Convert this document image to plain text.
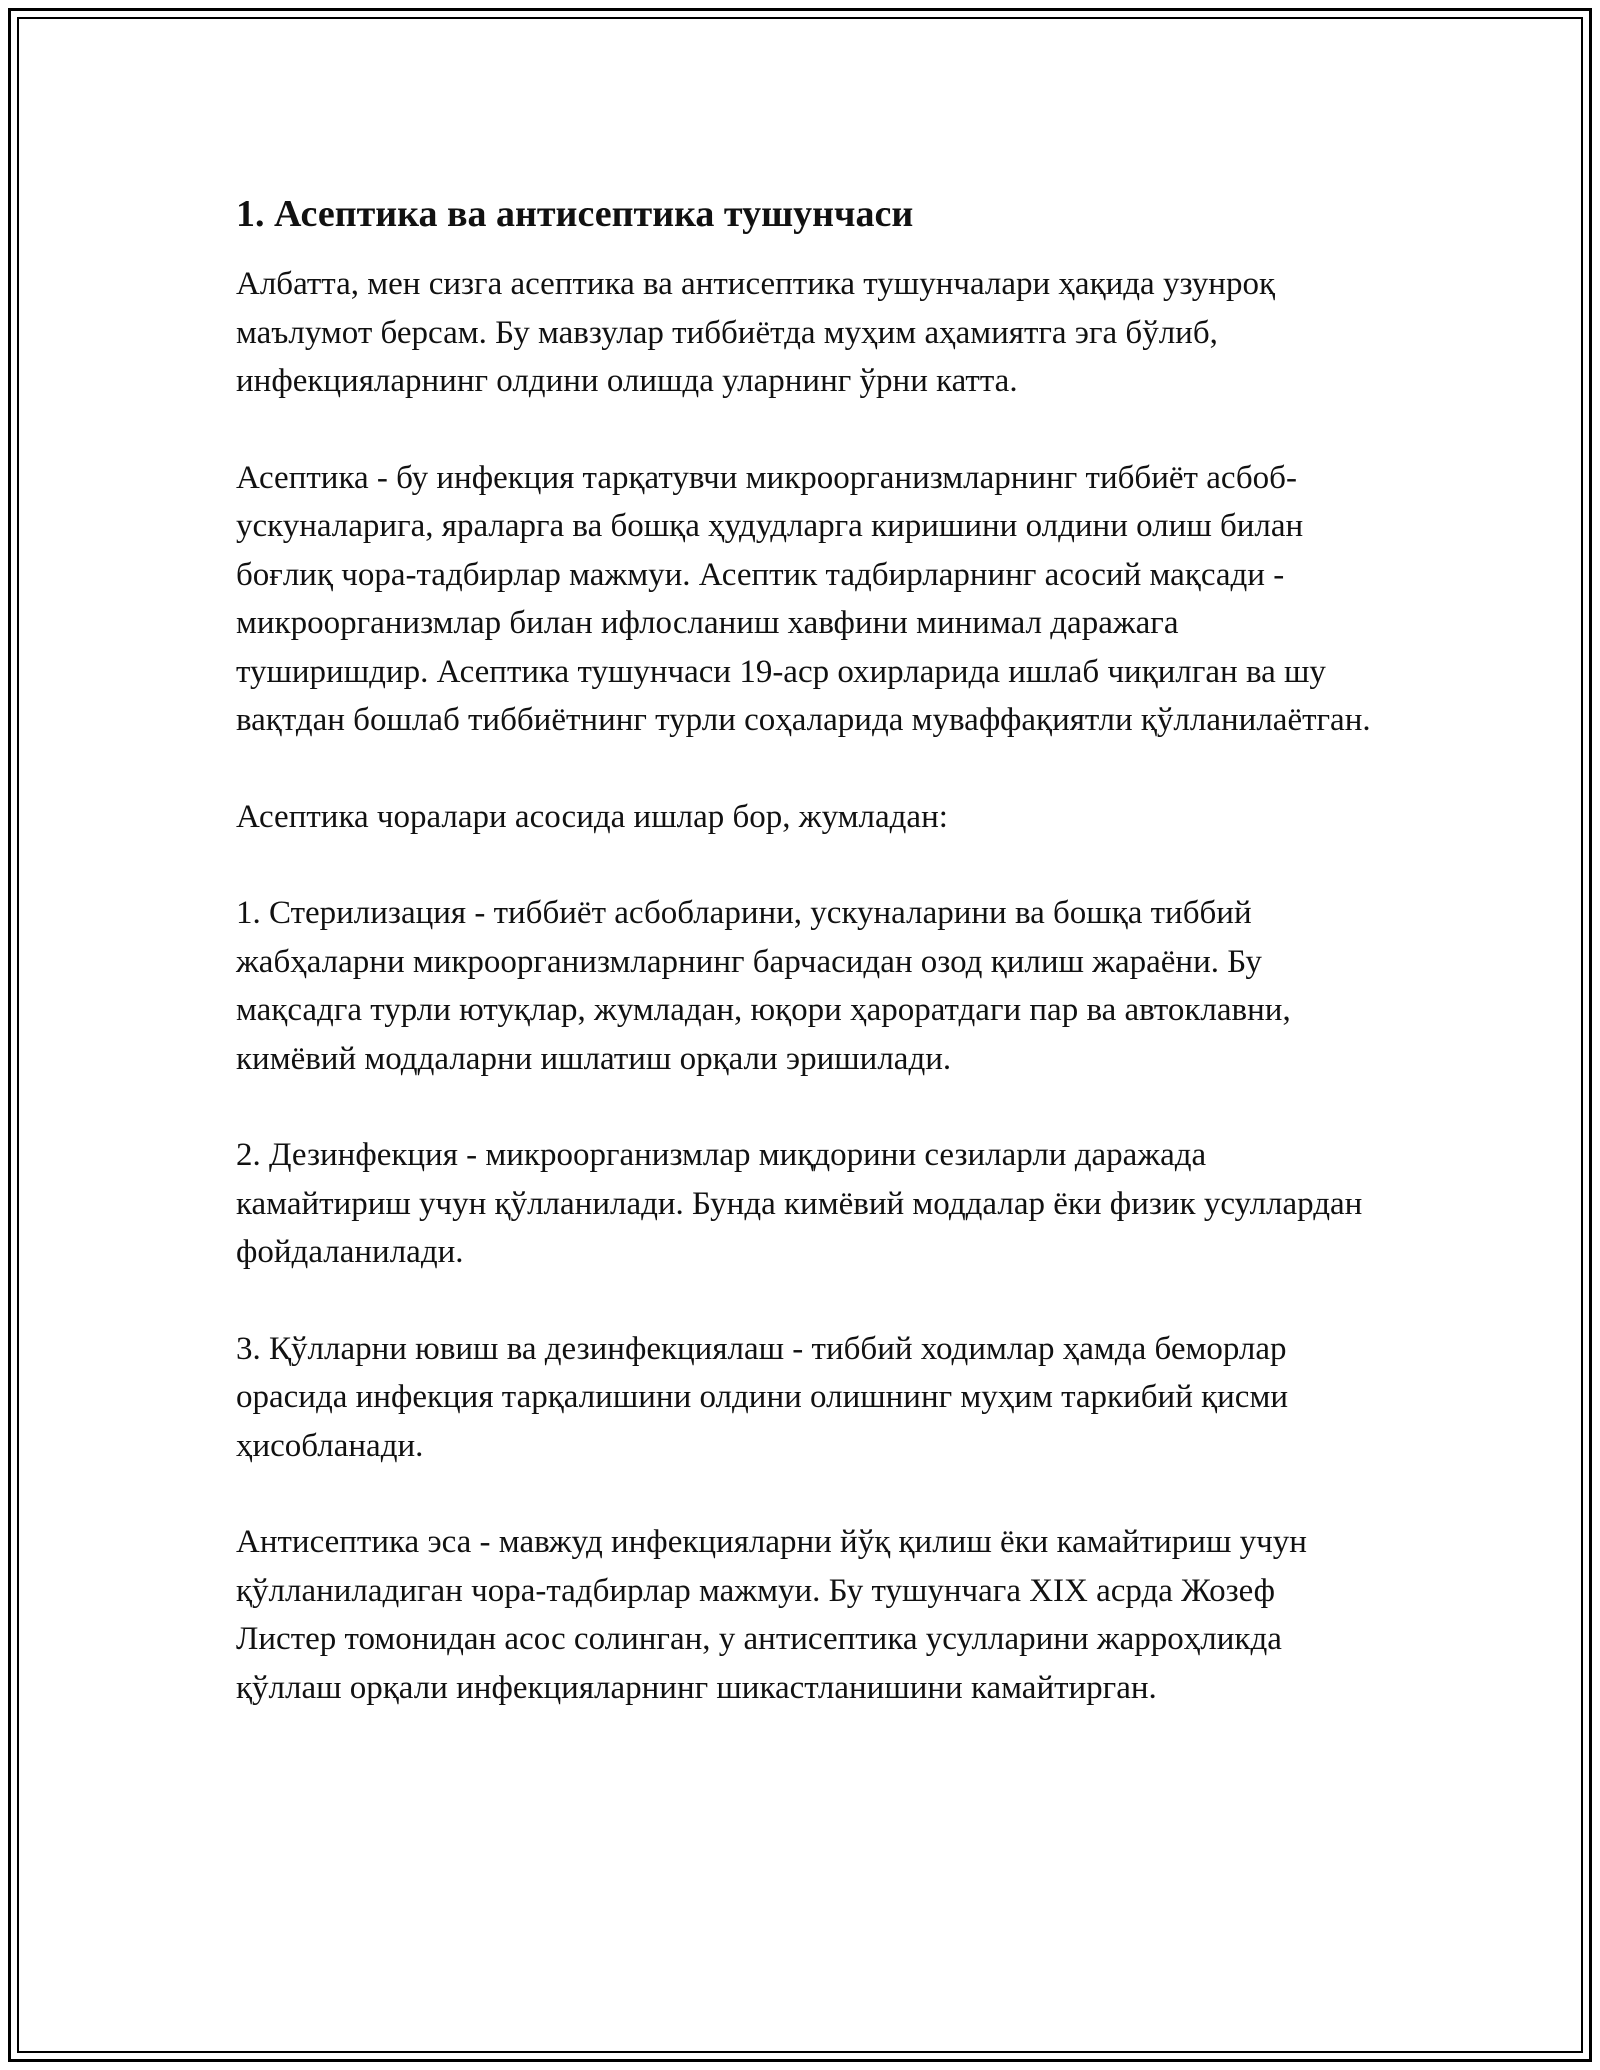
1. Асептика ва антисептика тушунчаси

Албатта, мен сизга асептика ва антисептика тушунчалари ҳақида узунроқ маълумот берсам. Бу мавзулар тиббиётда муҳим аҳамиятга эга бўлиб, инфекцияларнинг олдини олишда уларнинг ўрни катта.

Асептика - бу инфекция тарқатувчи микроорганизмларнинг тиббиёт асбоб-ускуналарига, яраларга ва бошқа ҳудудларга киришини олдини олиш билан боғлиқ чора-тадбирлар мажмуи. Асептик тадбирларнинг асосий мақсади - микроорганизмлар билан ифлосланиш хавфини минимал даражага туширишдир. Асептика тушунчаси 19-аср охирларида ишлаб чиқилган ва шу вақтдан бошлаб тиббиётнинг турли соҳаларида муваффақиятли қўлланилаётган.

Асептика чоралари асосида ишлар бор, жумладан:

1. Стерилизация - тиббиёт асбобларини, ускуналарини ва бошқа тиббий жабҳаларни микроорганизмларнинг барчасидан озод қилиш жараёни. Бу мақсадга турли ютуқлар, жумладан, юқори ҳароратдаги пар ва автоклавни, кимёвий моддаларни ишлатиш орқали эришилади.

2. Дезинфекция - микроорганизмлар миқдорини сезиларли даражада камайтириш учун қўлланилади. Бунда кимёвий моддалар ёки физик усуллардан фойдаланилади.

3. Қўлларни ювиш ва дезинфекциялаш - тиббий ходимлар ҳамда беморлар орасида инфекция тарқалишини олдини олишнинг муҳим таркибий қисми ҳисобланади.

Антисептика эса - мавжуд инфекцияларни йўқ қилиш ёки камайтириш учун қўлланиладиган чора-тадбирлар мажмуи. Бу тушунчага XIX асрда Жозеф Листер томонидан асос солинган, у антисептика усулларини жарроҳликда қўллаш орқали инфекцияларнинг шикастланишини камайтирган.
